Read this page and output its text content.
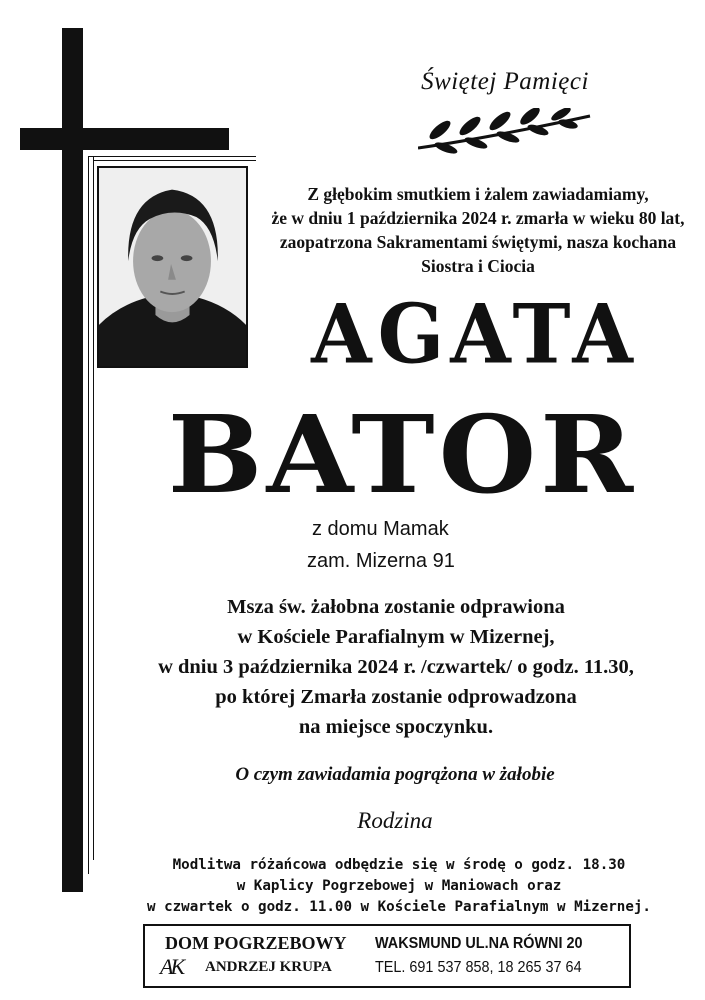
Świętej Pamięci
Z głębokim smutkiem i żalem zawiadamiamy,
że w dniu 1 października 2024 r. zmarła w wieku 80 lat,
zaopatrzona Sakramentami świętymi, nasza kochana
Siostra i Ciocia
AGATA
BATOR
z domu Mamak
zam. Mizerna 91
Msza św. żałobna zostanie odprawiona
w Kościele Parafialnym w Mizernej,
w dniu 3 października 2024 r. /czwartek/ o godz. 11.30,
po której Zmarła zostanie odprowadzona
na miejsce spoczynku.
O czym zawiadamia pogrążona w żałobie
Rodzina
Modlitwa różańcowa odbędzie się w środę o godz. 18.30
w Kaplicy Pogrzebowej w Maniowach oraz
w czwartek o godz. 11.00 w Kościele Parafialnym w Mizernej.
DOM POGRZEBOWY
AK ANDRZEJ KRUPA
WAKSMUND UL.NA RÓWNI 20
TEL. 691 537 858, 18 265 37 64
